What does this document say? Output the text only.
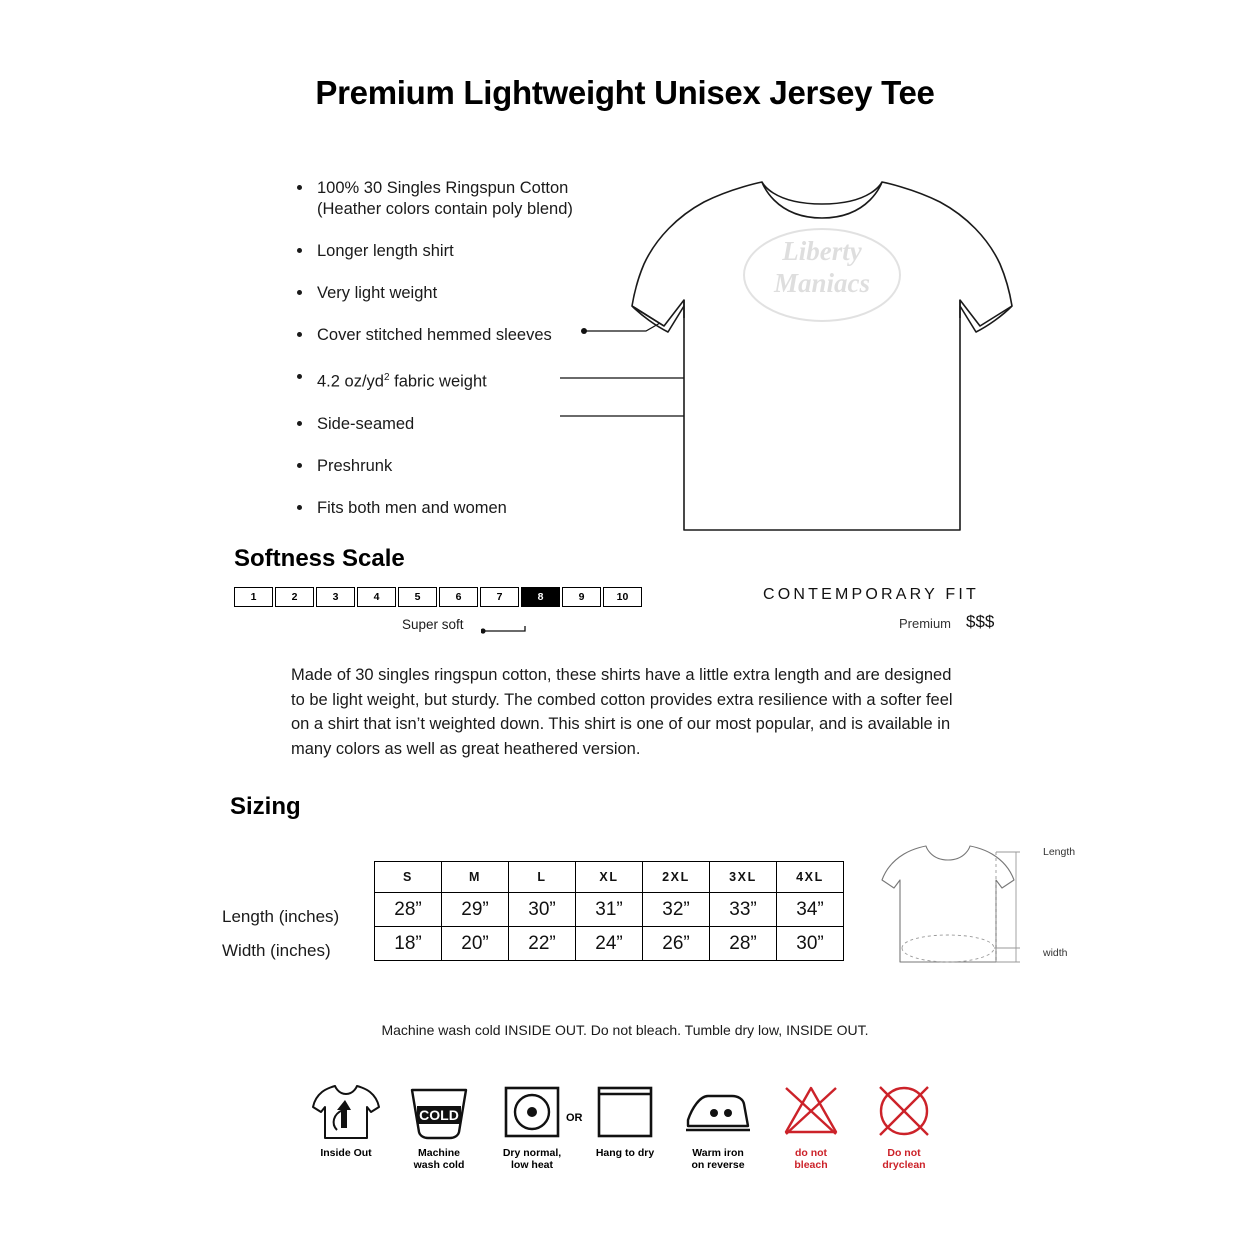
Premium Lightweight Unisex Jersey Tee
100% 30 Singles Ringspun Cotton
(Heather colors contain poly blend)
Longer length shirt
Very light weight
Cover stitched hemmed sleeves
4.2 $oz/yd^2$ fabric weight
Side-seamed
Preshrunk
Fits both men and women
Liberty
Maniacs
Softness Scale
1	2	3	4	5	6	7	8	9	10
Super soft
CONTEMPORARY FIT
Premium $$$
Made of 30 singles ringspun cotton, these shirts have a little extra length and are designed to be light weight, but sturdy. The combed cotton provides extra resilience with a softer feel on a shirt that isn’t weighted down. This shirt is one of our most popular, and is available in many colors as well as great heathered version.
Sizing
Length (inches)
Width (inches)
S	M	L	XL	2XL	3XL	4XL
28”	29”	30”	31”	32”	33”	34”
18”	20”	22”	24”	26”	28”	30”
Length
width
Machine wash cold INSIDE OUT. Do not bleach. Tumble dry low, INSIDE OUT.
Inside Out
COLD
Machine
wash cold
Dry normal,
low heat
Hang to dry	Warm iron
on reverse
do not
bleach
Do not
dryclean
OR
